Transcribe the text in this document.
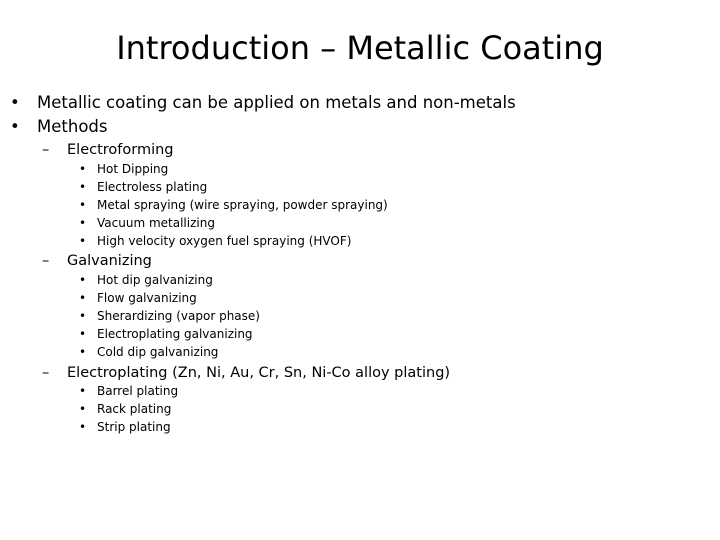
Introduction – Metallic Coating
• Metallic coating can be applied on metals and non-metals
• Methods
– Electroforming
• Hot Dipping
• Electroless plating
• Metal spraying (wire spraying, powder spraying)
• Vacuum metallizing
• High velocity oxygen fuel spraying (HVOF)
– Galvanizing
• Hot dip galvanizing
• Flow galvanizing
• Sherardizing (vapor phase)
• Electroplating galvanizing
• Cold dip galvanizing
– Electroplating (Zn, Ni, Au, Cr, Sn, Ni-Co alloy plating)
• Barrel plating
• Rack plating
• Strip plating
